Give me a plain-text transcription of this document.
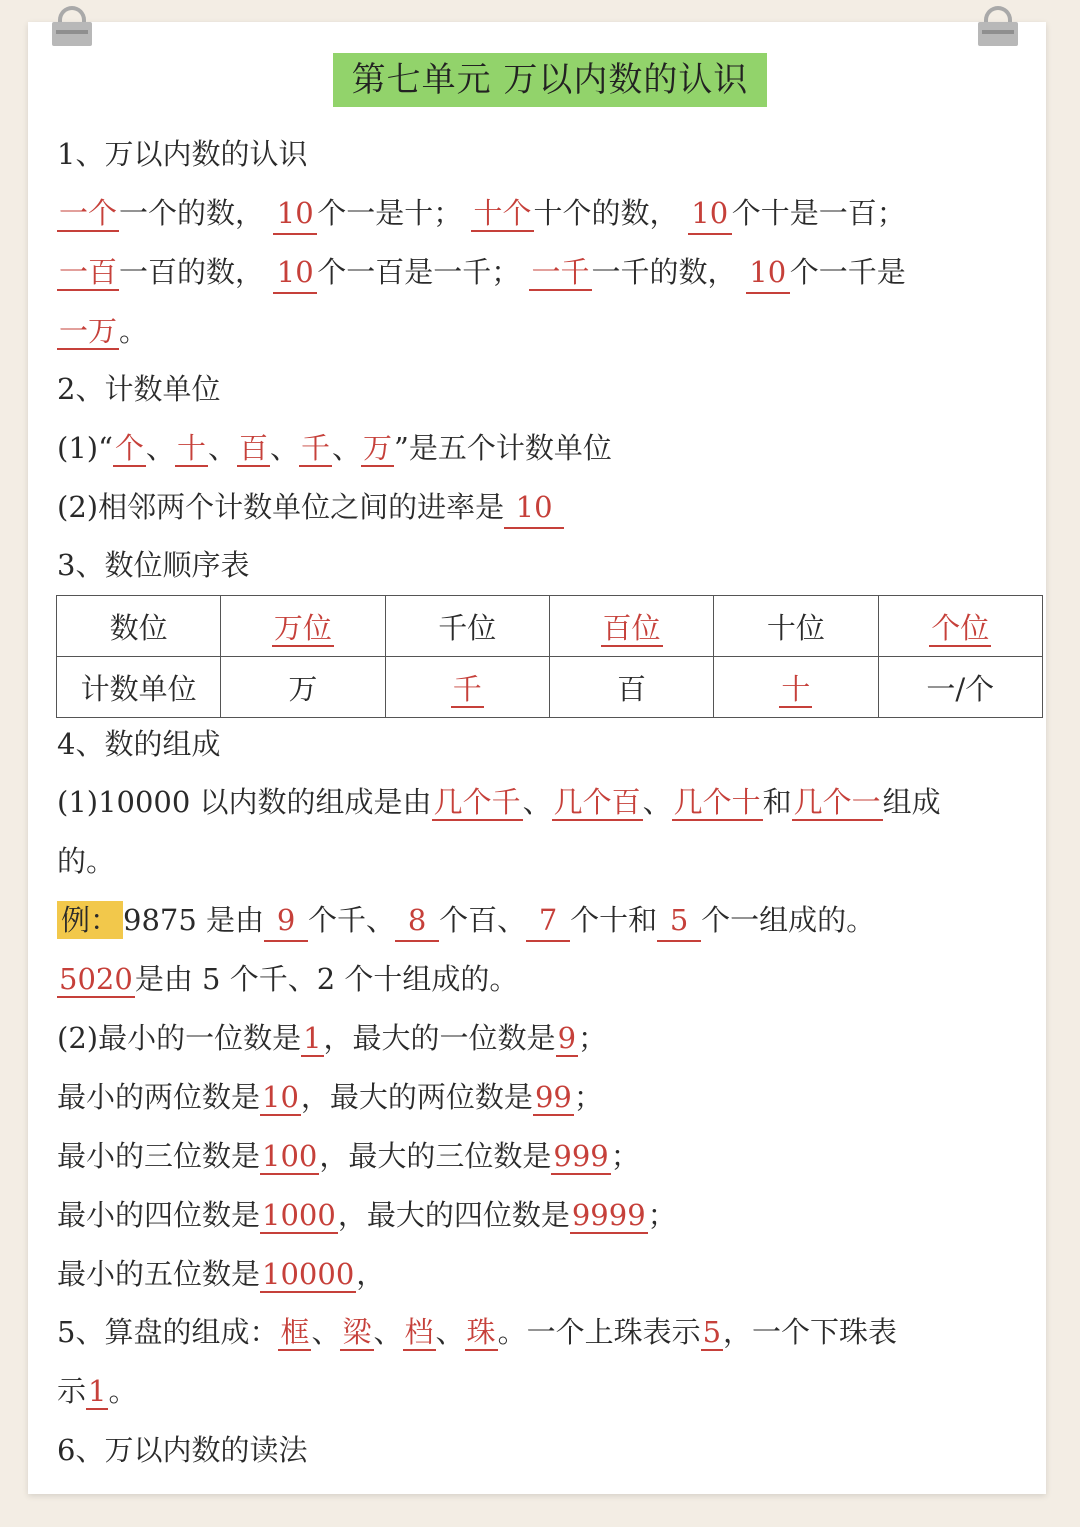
第七单元 万以内数的认识
1、万以内数的认识
一个一个的数， 10 个一是十； 十个十个的数， 10 个十是一百；
一百一百的数， 10 个一百是一千； 一千一千的数， 10 个一千是
一万。
2、计数单位
(1)“个、十、百、千、万”是五个计数单位
(2)相邻两个计数单位之间的进率是 10
3、数位顺序表
数位	万位	千位	百位	十位	个位
计数单位	万	千	百	十	一/个
4、数的组成
(1)10000 以内数的组成是由几个千、几个百、几个十和几个一组成
的。
例： 9875 是由 9 个千、 8 个百、 7 个十和 5 个一组成的。
5020是由 5 个千、2 个十组成的。
(2)最小的一位数是1，最大的一位数是9；
最小的两位数是10，最大的两位数是99；
最小的三位数是100，最大的三位数是999；
最小的四位数是1000，最大的四位数是9999；
最小的五位数是10000，
5、算盘的组成：框、梁、档、珠。一个上珠表示5，一个下珠表
示1。
6、万以内数的读法
